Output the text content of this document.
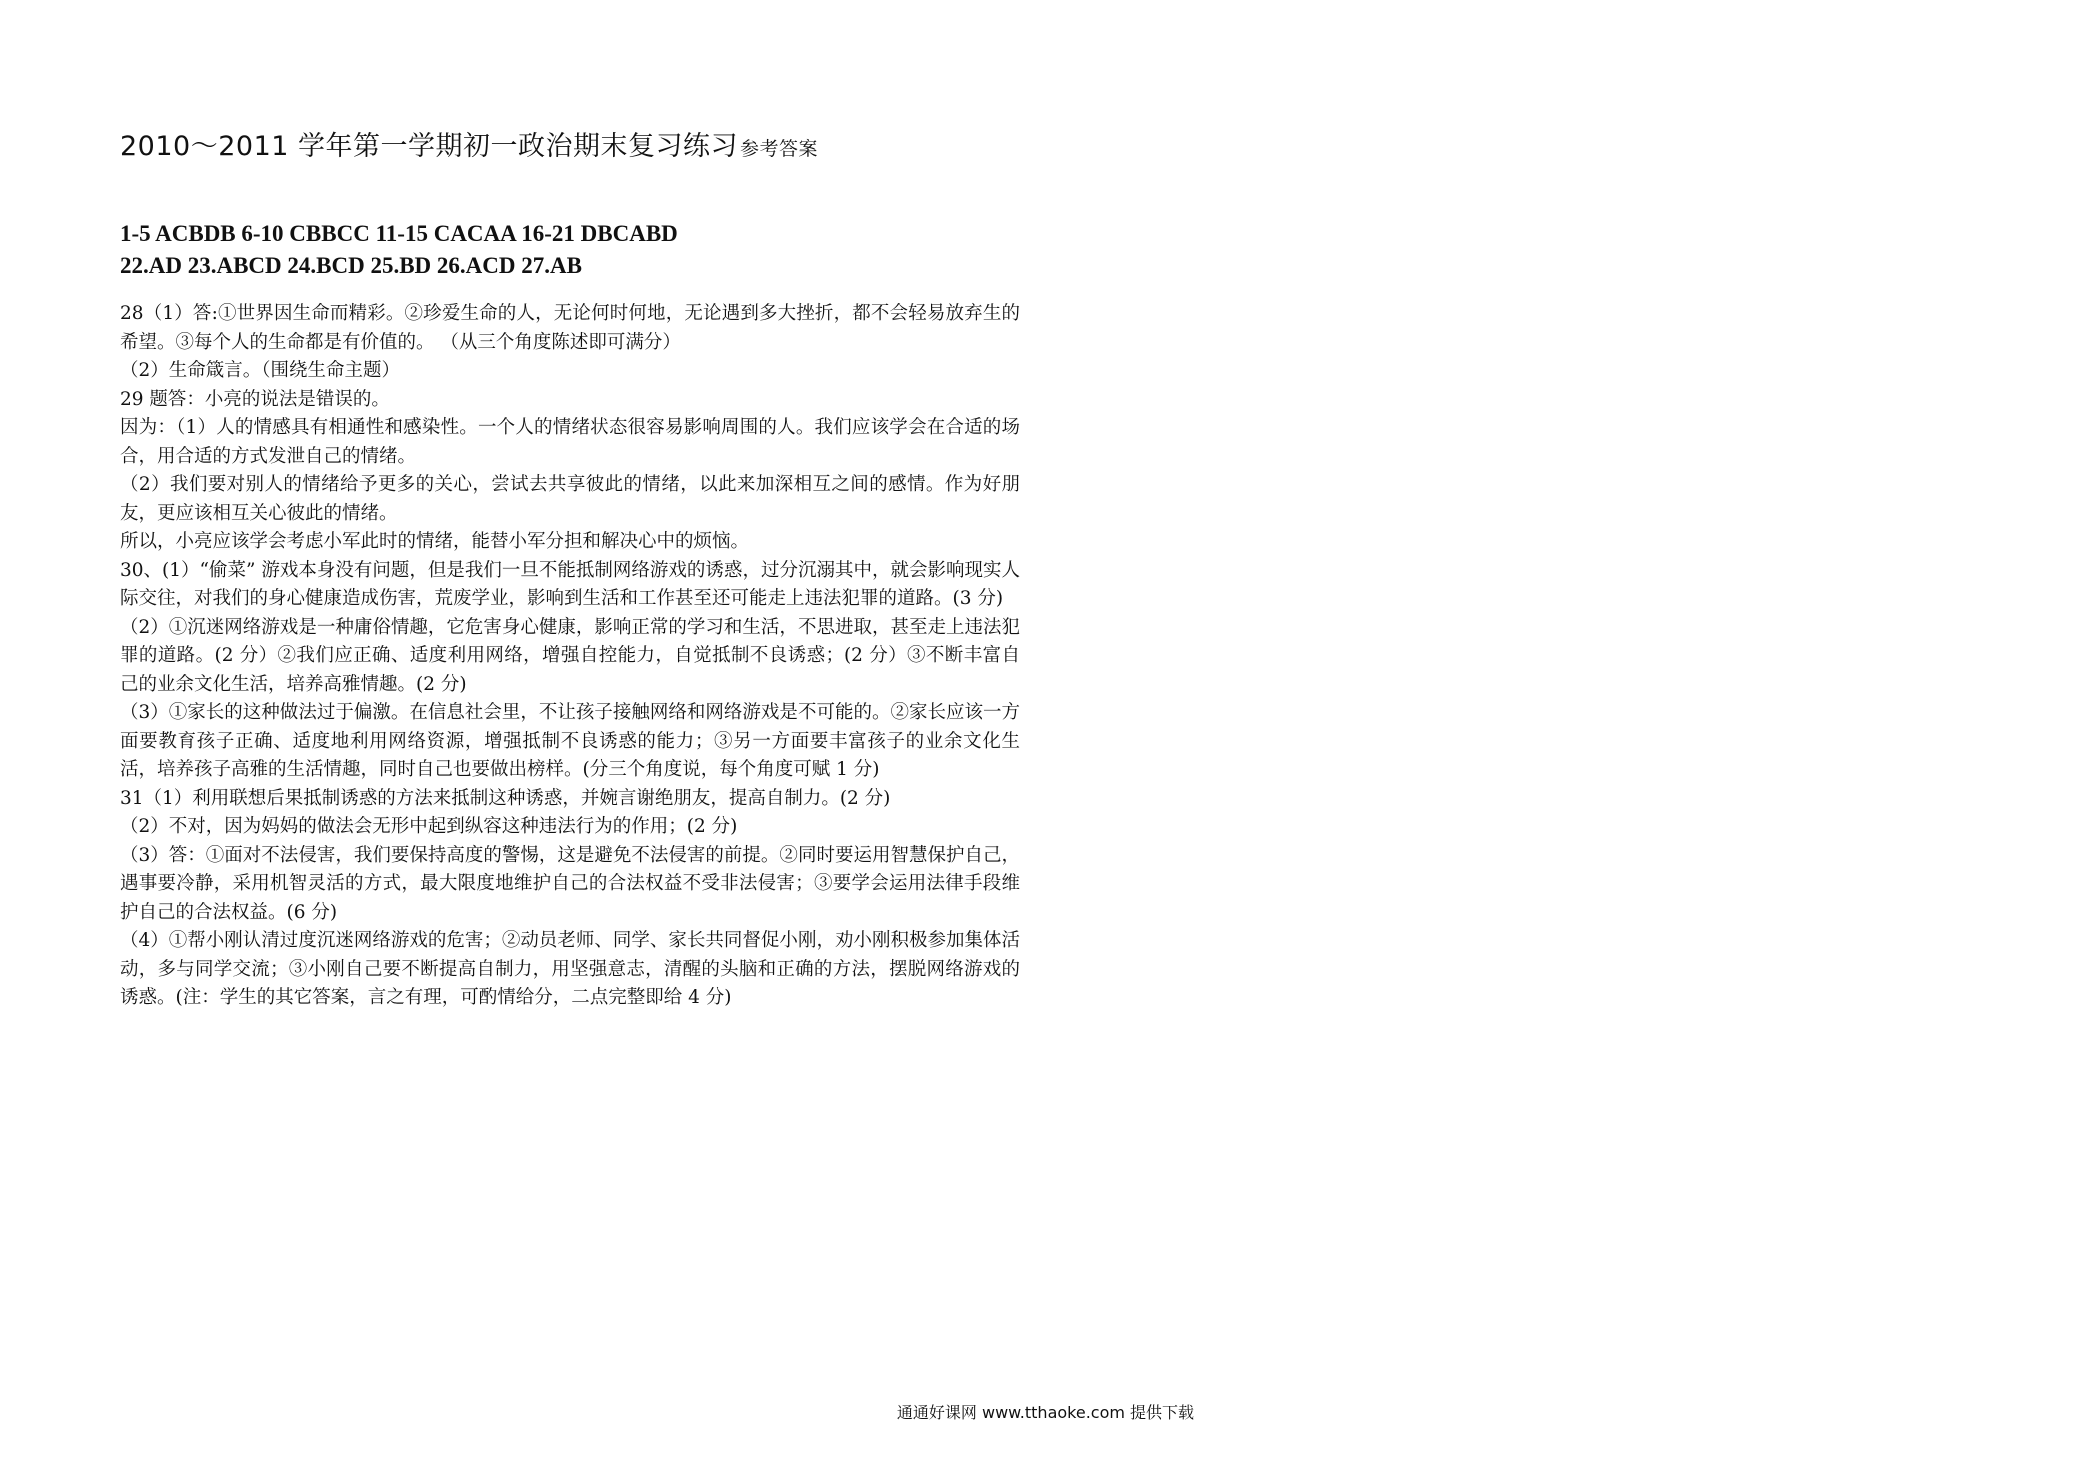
2010～2011 学年第一学期初一政治期末复习练习 参考答案
1-5 ACBDB 6-10 CBBCC 11-15 CACAA 16-21 DBCABD
22.AD 23.ABCD 24.BCD 25.BD 26.ACD 27.AB

28（1）答:①世界因生命而精彩。②珍爱生命的人，无论何时何地，无论遇到多大挫折，都不会轻易放弃生的希望。③每个人的生命都是有价值的。 （从三个角度陈述即可满分）

（2）生命箴言。（围绕生命主题）

29 题答：小亮的说法是错误的。

因为：（1）人的情感具有相通性和感染性。一个人的情绪状态很容易影响周围的人。我们应该学会在合适的场合，用合适的方式发泄自己的情绪。

（2）我们要对别人的情绪给予更多的关心，尝试去共享彼此的情绪，以此来加深相互之间的感情。作为好朋友，更应该相互关心彼此的情绪。

所以，小亮应该学会考虑小军此时的情绪，能替小军分担和解决心中的烦恼。

30、(1）“偷菜” 游戏本身没有问题，但是我们一旦不能抵制网络游戏的诱惑，过分沉溺其中，就会影响现实人际交往，对我们的身心健康造成伤害，荒废学业，影响到生活和工作甚至还可能走上违法犯罪的道路。(3 分)

（2）①沉迷网络游戏是一种庸俗情趣，它危害身心健康，影响正常的学习和生活，不思进取，甚至走上违法犯罪的道路。(2 分）②我们应正确、适度利用网络，增强自控能力，自觉抵制不良诱惑；(2 分）③不断丰富自己的业余文化生活，培养高雅情趣。(2 分)

（3）①家长的这种做法过于偏激。在信息社会里，不让孩子接触网络和网络游戏是不可能的。②家长应该一方面要教育孩子正确、适度地利用网络资源，增强抵制不良诱惑的能力；③另一方面要丰富孩子的业余文化生活，培养孩子高雅的生活情趣，同时自己也要做出榜样。(分三个角度说，每个角度可赋 1 分)

31（1）利用联想后果抵制诱惑的方法来抵制这种诱惑，并婉言谢绝朋友，提高自制力。(2 分)

（2）不对，因为妈妈的做法会无形中起到纵容这种违法行为的作用；(2 分)

（3）答：①面对不法侵害，我们要保持高度的警惕，这是避免不法侵害的前提。②同时要运用智慧保护自己，遇事要冷静，采用机智灵活的方式，最大限度地维护自己的合法权益不受非法侵害；③要学会运用法律手段维护自己的合法权益。(6 分)

（4）①帮小刚认清过度沉迷网络游戏的危害；②动员老师、同学、家长共同督促小刚，劝小刚积极参加集体活动，多与同学交流；③小刚自己要不断提高自制力，用坚强意志，清醒的头脑和正确的方法，摆脱网络游戏的诱惑。(注：学生的其它答案，言之有理，可酌情给分，二点完整即给 4 分)

通通好课网 www.tthaoke.com 提供下载
